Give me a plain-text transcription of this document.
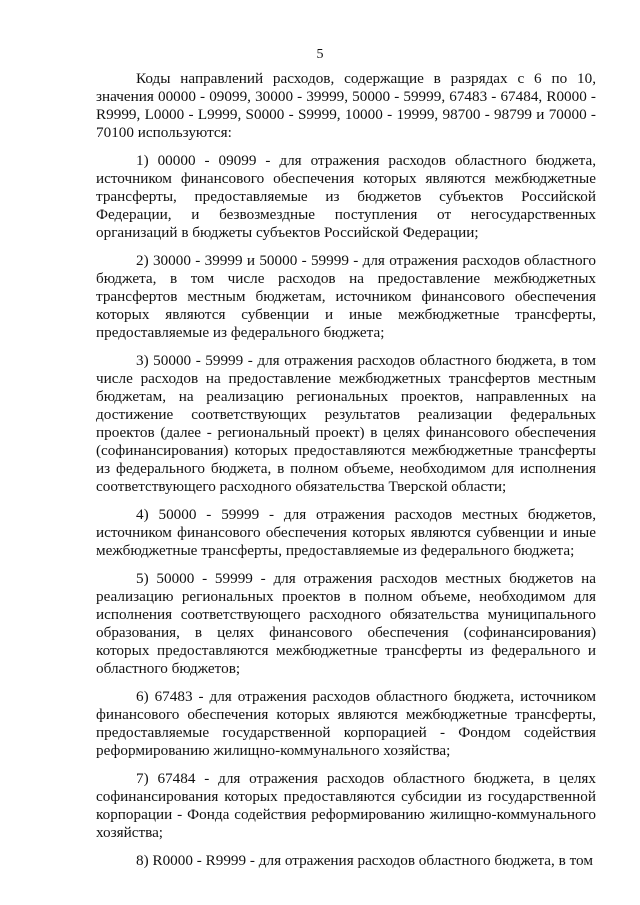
5

Коды направлений расходов, содержащие в разрядах с 6 по 10, значения 00000 - 09099, 30000 - 39999, 50000 - 59999, 67483 - 67484, R0000 - R9999, L0000 - L9999, S0000 - S9999, 10000 - 19999, 98700 - 98799 и 70000 - 70100 используются:

1) 00000 - 09099 - для отражения расходов областного бюджета, источником финансового обеспечения которых являются межбюджетные трансферты, предоставляемые из бюджетов субъектов Российской Федерации, и безвозмездные поступления от негосударственных организаций в бюджеты субъектов Российской Федерации;

2) 30000 - 39999 и 50000 - 59999 - для отражения расходов областного бюджета, в том числе расходов на предоставление межбюджетных трансфертов местным бюджетам, источником финансового обеспечения которых являются субвенции и иные межбюджетные трансферты, предоставляемые из федерального бюджета;

3) 50000 - 59999 - для отражения расходов областного бюджета, в том числе расходов на предоставление межбюджетных трансфертов местным бюджетам, на реализацию региональных проектов, направленных на достижение соответствующих результатов реализации федеральных проектов (далее - региональный проект) в целях финансового обеспечения (софинансирования) которых предоставляются межбюджетные трансферты из федерального бюджета, в полном объеме, необходимом для исполнения соответствующего расходного обязательства Тверской области;

4) 50000 - 59999 - для отражения расходов местных бюджетов, источником финансового обеспечения которых являются субвенции и иные межбюджетные трансферты, предоставляемые из федерального бюджета;

5) 50000 - 59999 - для отражения расходов местных бюджетов на реализацию региональных проектов в полном объеме, необходимом для исполнения соответствующего расходного обязательства муниципального образования, в целях финансового обеспечения (софинансирования) которых предоставляются межбюджетные трансферты из федерального и областного бюджетов;

6) 67483 - для отражения расходов областного бюджета, источником финансового обеспечения которых являются межбюджетные трансферты, предоставляемые государственной корпорацией - Фондом содействия реформированию жилищно-коммунального хозяйства;

7) 67484 - для отражения расходов областного бюджета, в целях софинансирования которых предоставляются субсидии из государственной корпорации - Фонда содействия реформированию жилищно-коммунального хозяйства;

8) R0000 - R9999 - для отражения расходов областного бюджета, в том
